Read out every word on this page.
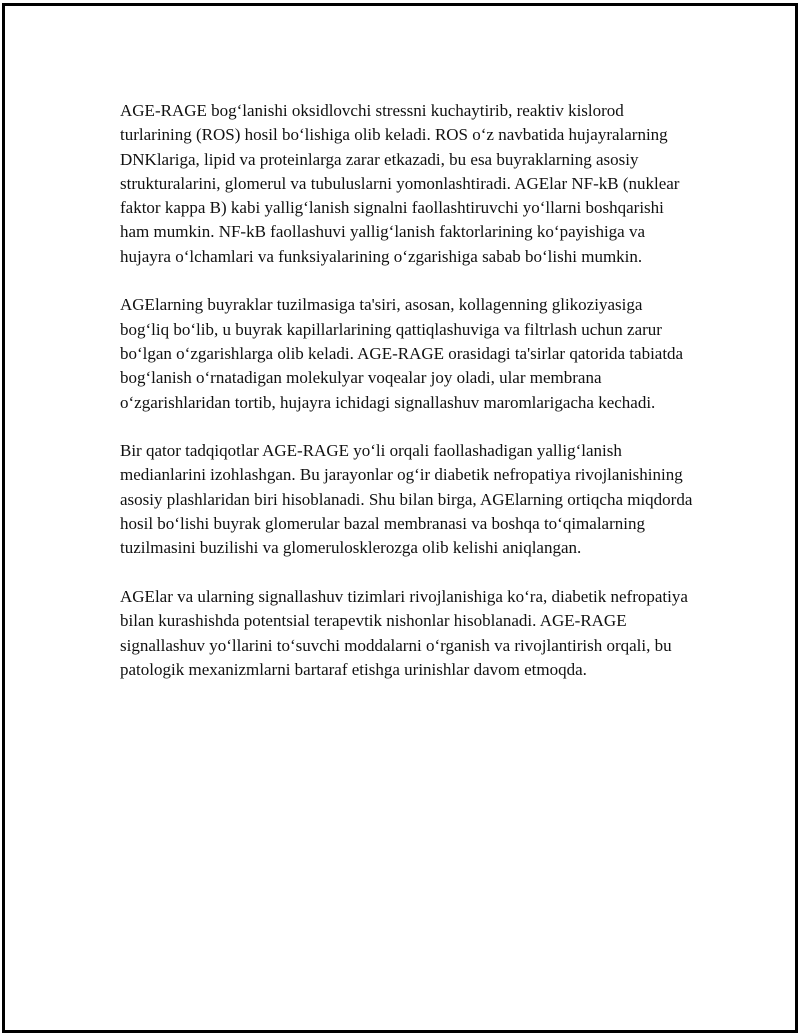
AGE-RAGE bog‘lanishi oksidlovchi stressni kuchaytirib, reaktiv kislorod turlarining (ROS) hosil bo‘lishiga olib keladi. ROS o‘z navbatida hujayralarning DNKlariga, lipid va proteinlarga zarar etkazadi, bu esa buyraklarning asosiy strukturalarini, glomerul va tubuluslarni yomonlashtiradi. AGElar NF-kB (nuklear faktor kappa B) kabi yallig‘lanish signalni faollashtiruvchi yo‘llarni boshqarishi ham mumkin. NF-kB faollashuvi yallig‘lanish faktorlarining ko‘payishiga va hujayra o‘lchamlari va funksiyalarining o‘zgarishiga sabab bo‘lishi mumkin.

AGElarning buyraklar tuzilmasiga ta'siri, asosan, kollagenning glikoziyasiga bog‘liq bo‘lib, u buyrak kapillarlarining qattiqlashuviga va filtrlash uchun zarur bo‘lgan o‘zgarishlarga olib keladi. AGE-RAGE orasidagi ta'sirlar qatorida tabiatda bog‘lanish o‘rnatadigan molekulyar voqealar joy oladi, ular membrana o‘zgarishlaridan tortib, hujayra ichidagi signallashuv maromlarigacha kechadi.

Bir qator tadqiqotlar AGE-RAGE yo‘li orqali faollashadigan yallig‘lanish medianlarini izohlashgan. Bu jarayonlar og‘ir diabetik nefropatiya rivojlanishining asosiy plashlaridan biri hisoblanadi. Shu bilan birga, AGElarning ortiqcha miqdorda hosil bo‘lishi buyrak glomerular bazal membranasi va boshqa to‘qimalarning tuzilmasini buzilishi va glomerulosklerozga olib kelishi aniqlangan.

AGElar va ularning signallashuv tizimlari rivojlanishiga ko‘ra, diabetik nefropatiya bilan kurashishda potentsial terapevtik nishonlar hisoblanadi. AGE-RAGE signallashuv yo‘llarini to‘suvchi moddalarni o‘rganish va rivojlantirish orqali, bu patologik mexanizmlarni bartaraf etishga urinishlar davom etmoqda.
